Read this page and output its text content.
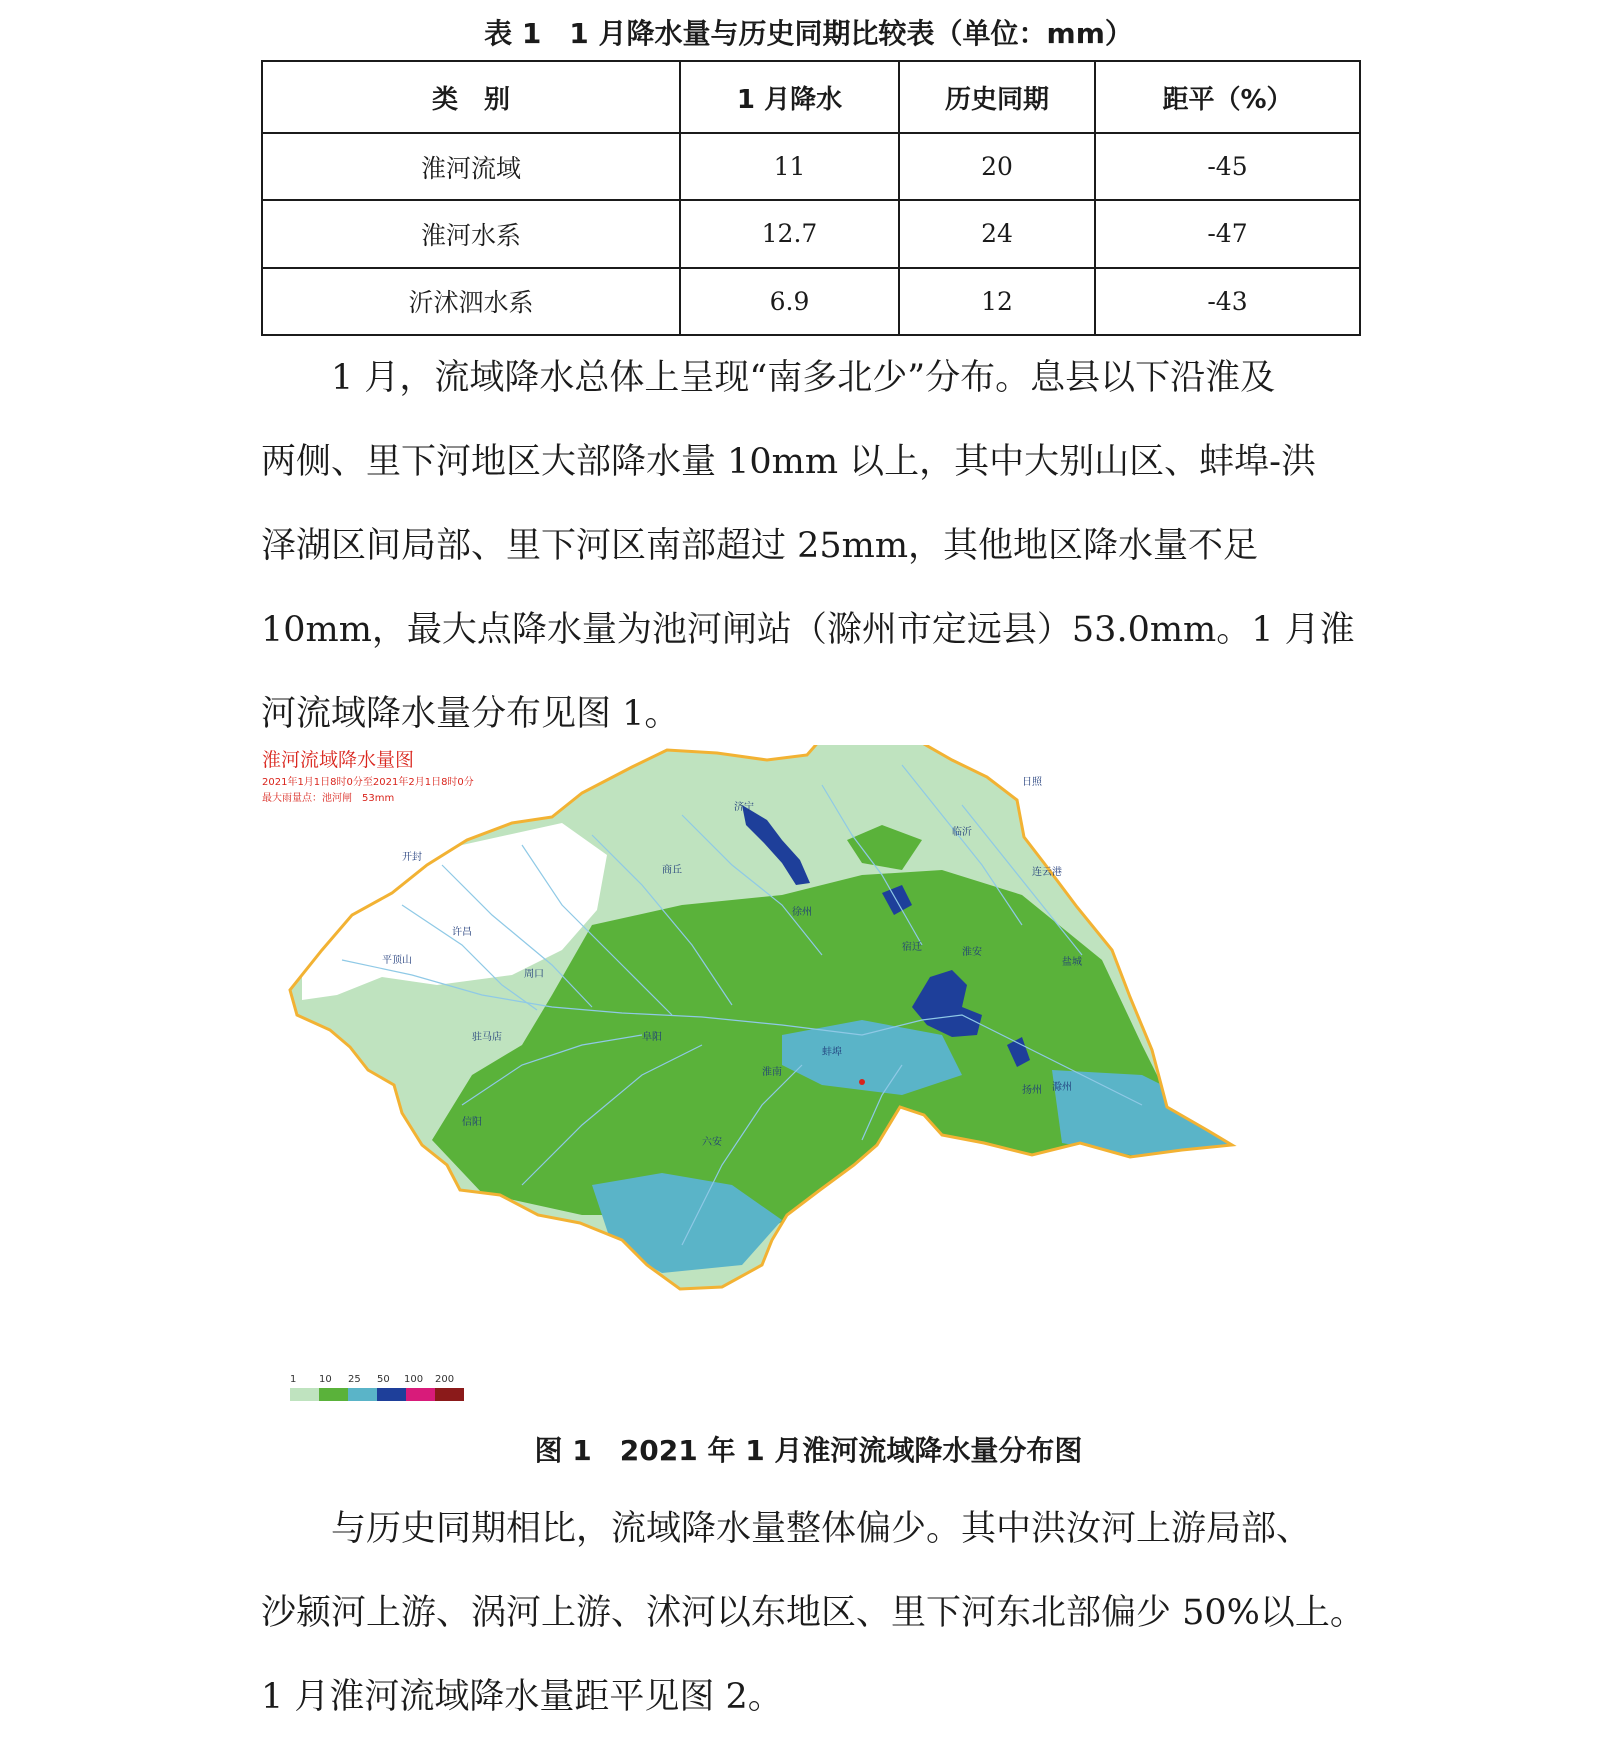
表 1　1 月降水量与历史同期比较表（单位：mm）
类　别	1 月降水	历史同期	距平（%）
淮河流域	11	20	-45
淮河水系	12.7	24	-47
沂沭泗水系	6.9	12	-43

　　1 月，流域降水总体上呈现“南多北少”分布。息县以下沿淮及
两侧、里下河地区大部降水量 10mm 以上，其中大别山区、蚌埠-洪
泽湖区间局部、里下河区南部超过 25mm，其他地区降水量不足
10mm，最大点降水量为池河闸站（滁州市定远县）53.0mm。1 月淮
河流域降水量分布见图 1。

淮河流域降水量图
2021年1月1日8时0分至2021年2月1日8时0分
最大雨量点：池河闸　53mm
济宁
日照
临沂
连云港
徐州
宿迁
商丘
开封
许昌
平顶山
周口
驻马店	阜阳
淮南
蚌埠
淮安
盐城
扬州 滁州
信阳
六安
1 10 25 50 100 200
图 1　2021 年 1 月淮河流域降水量分布图

　　与历史同期相比，流域降水量整体偏少。其中洪汝河上游局部、
沙颍河上游、涡河上游、沭河以东地区、里下河东北部偏少 50%以上。
1 月淮河流域降水量距平见图 2。
